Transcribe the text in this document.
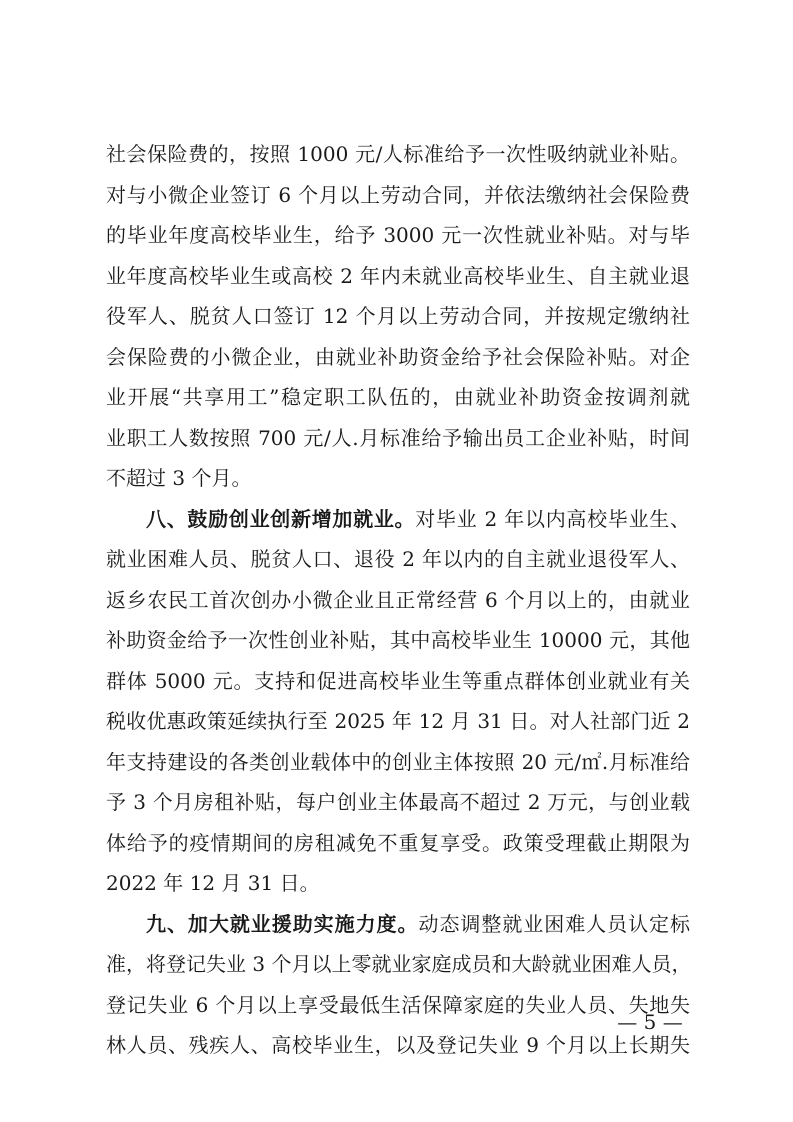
社会保险费的，按照 1000 元/人标准给予一次性吸纳就业补贴。
对与小微企业签订 6 个月以上劳动合同，并依法缴纳社会保险费
的毕业年度高校毕业生，给予 3000 元一次性就业补贴。对与毕
业年度高校毕业生或高校 2 年内未就业高校毕业生、自主就业退
役军人、脱贫人口签订 12 个月以上劳动合同，并按规定缴纳社
会保险费的小微企业，由就业补助资金给予社会保险补贴。对企
业开展“共享用工”稳定职工队伍的，由就业补助资金按调剂就
业职工人数按照 700 元/人.月标准给予输出员工企业补贴，时间
不超过 3 个月。
八、鼓励创业创新增加就业。对毕业 2 年以内高校毕业生、
就业困难人员、脱贫人口、退役 2 年以内的自主就业退役军人、
返乡农民工首次创办小微企业且正常经营 6 个月以上的，由就业
补助资金给予一次性创业补贴，其中高校毕业生 10000 元，其他
群体 5000 元。支持和促进高校毕业生等重点群体创业就业有关
税收优惠政策延续执行至 2025 年 12 月 31 日。对人社部门近 2
年支持建设的各类创业载体中的创业主体按照 20 元/㎡.月标准给
予 3 个月房租补贴，每户创业主体最高不超过 2 万元，与创业载
体给予的疫情期间的房租减免不重复享受。政策受理截止期限为
2022 年 12 月 31 日。
九、加大就业援助实施力度。动态调整就业困难人员认定标
准，将登记失业 3 个月以上零就业家庭成员和大龄就业困难人员，
登记失业 6 个月以上享受最低生活保障家庭的失业人员、失地失
林人员、残疾人、高校毕业生，以及登记失业 9 个月以上长期失
— 5 —
